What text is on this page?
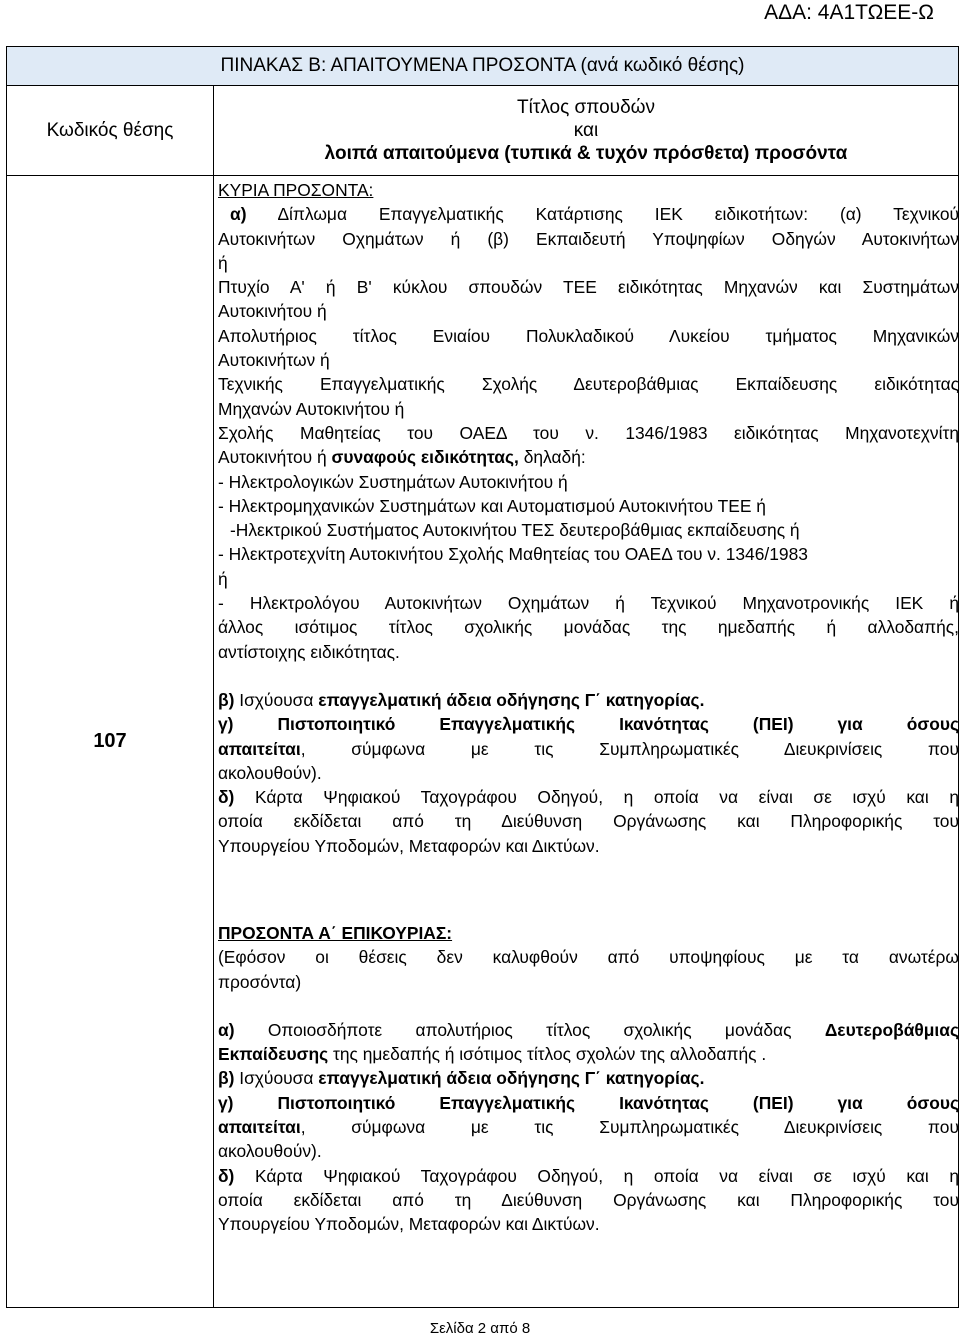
ΑΔΑ: 4Α1ΤΩΕΕ-Ω
ΠΙΝΑΚΑΣ Β: ΑΠΑΙΤΟΥΜΕΝΑ ΠΡΟΣΟΝΤΑ (ανά κωδικό θέσης)	
Κωδικός θέσης	Τίτλος σπουδών
και
λοιπά απαιτούμενα (τυπικά & τυχόν πρόσθετα) προσόντα

107	

ΚΥΡΙΑ ΠΡΟΣΟΝΤΑ:

α) Δίπλωμα Επαγγελματικής Κατάρτισης ΙΕΚ ειδικοτήτων: (α) Τεχνικού

Αυτοκινήτων Οχημάτων ή (β) Εκπαιδευτή Υποψηφίων Οδηγών Αυτοκινήτων

ή

Πτυχίο Α' ή Β' κύκλου σπουδών ΤΕΕ ειδικότητας Μηχανών και Συστημάτων

Αυτοκινήτου ή

Απολυτήριος τίτλος Ενιαίου Πολυκλαδικού Λυκείου τμήματος Μηχανικών

Αυτοκινήτων ή

Τεχνικής Επαγγελματικής Σχολής Δευτεροβάθμιας Εκπαίδευσης ειδικότητας

Μηχανών Αυτοκινήτου ή

Σχολής Μαθητείας του ΟΑΕΔ του ν. 1346/1983 ειδικότητας Μηχανοτεχνίτη

Αυτοκινήτου ή συναφούς ειδικότητας, δηλαδή:

- Ηλεκτρολογικών Συστημάτων Αυτοκινήτου ή

- Ηλεκτρομηχανικών Συστημάτων και Αυτοματισμού Αυτοκινήτου ΤΕΕ ή

-Ηλεκτρικού Συστήματος Αυτοκινήτου ΤΕΣ δευτεροβάθμιας εκπαίδευσης ή

- Ηλεκτροτεχνίτη Αυτοκινήτου Σχολής Μαθητείας του ΟΑΕΔ του ν. 1346/1983

ή

- Ηλεκτρολόγου Αυτοκινήτων Οχημάτων ή Τεχνικού Μηχανοτρονικής ΙΕΚ ή

άλλος ισότιμος τίτλος σχολικής μονάδας της ημεδαπής ή αλλοδαπής,

αντίστοιχης ειδικότητας.

β) Ισχύουσα επαγγελματική άδεια οδήγησης Γ΄ κατηγορίας.

γ) Πιστοποιητικό Επαγγελματικής Ικανότητας (ΠΕΙ) για όσους

απαιτείται, σύμφωνα με τις Συμπληρωματικές Διευκρινίσεις που

ακολουθούν).

δ) Κάρτα Ψηφιακού Ταχογράφου Οδηγού, η οποία να είναι σε ισχύ και η

οποία εκδίδεται από τη Διεύθυνση Οργάνωσης και Πληροφορικής του

Υπουργείου Υποδομών, Μεταφορών και Δικτύων.

ΠΡΟΣΟΝΤΑ Α΄ ΕΠΙΚΟΥΡΙΑΣ:

(Εφόσον οι θέσεις δεν καλυφθούν από υποψηφίους με τα ανωτέρω

προσόντα)

α) Οποιοσδήποτε απολυτήριος τίτλος σχολικής μονάδας Δευτεροβάθμιας

Εκπαίδευσης της ημεδαπής ή ισότιμος τίτλος σχολών της αλλοδαπής .

β) Ισχύουσα επαγγελματική άδεια οδήγησης Γ΄ κατηγορίας.

γ) Πιστοποιητικό Επαγγελματικής Ικανότητας (ΠΕΙ) για όσους

απαιτείται, σύμφωνα με τις Συμπληρωματικές Διευκρινίσεις που

ακολουθούν).

δ) Κάρτα Ψηφιακού Ταχογράφου Οδηγού, η οποία να είναι σε ισχύ και η

οποία εκδίδεται από τη Διεύθυνση Οργάνωσης και Πληροφορικής του

Υπουργείου Υποδομών, Μεταφορών και Δικτύων.

Σελίδα 2 από 8
